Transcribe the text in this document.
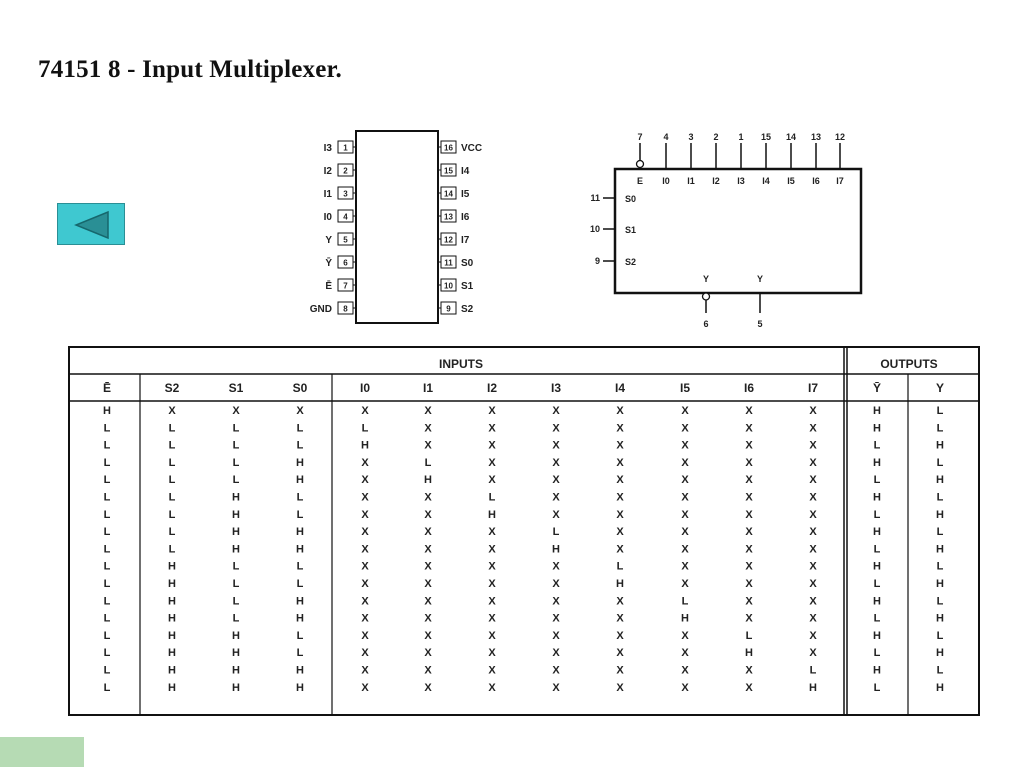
74151 8 - Input Multiplexer.
1
I3
2
I2
3
I1
4
I0
5
Y
6
Ȳ
7
Ē
8
GND
16 VCC
15 I4
14 I5
13 I6
12 I7
11 S0
10 S1
9 S2
7
E
4
I0
3
I1
2
I2
1
I3
15
I4
14
I5
13
I6
12
I7
11	S0
10	S1
9	S2
Y
6
Y
5
INPUTS	OUTPUTS
Ē	S2	S1	S0	I0	I1	I2	I3	I4	I5	I6	I7	Ȳ	Y
H	X	X	X	X	X	X	X	X	X	X	X	H	L
L	L	L	L	L	X	X	X	X	X	X	X	H	L
L	L	L	L	H	X	X	X	X	X	X	X	L	H
L	L	L	H	X	L	X	X	X	X	X	X	H	L
L	L	L	H	X	H	X	X	X	X	X	X	L	H
L	L	H	L	X	X	L	X	X	X	X	X	H	L
L	L	H	L	X	X	H	X	X	X	X	X	L	H
L	L	H	H	X	X	X	L	X	X	X	X	H	L
L	L	H	H	X	X	X	H	X	X	X	X	L	H
L	H	L	L	X	X	X	X	L	X	X	X	H	L
L	H	L	L	X	X	X	X	H	X	X	X	L	H
L	H	L	H	X	X	X	X	X	L	X	X	H	L
L	H	L	H	X	X	X	X	X	H	X	X	L	H
L	H	H	L	X	X	X	X	X	X	L	X	H	L
L	H	H	L	X	X	X	X	X	X	H	X	L	H
L	H	H	H	X	X	X	X	X	X	X	L	H	L
L	H	H	H	X	X	X	X	X	X	X	H	L	H
